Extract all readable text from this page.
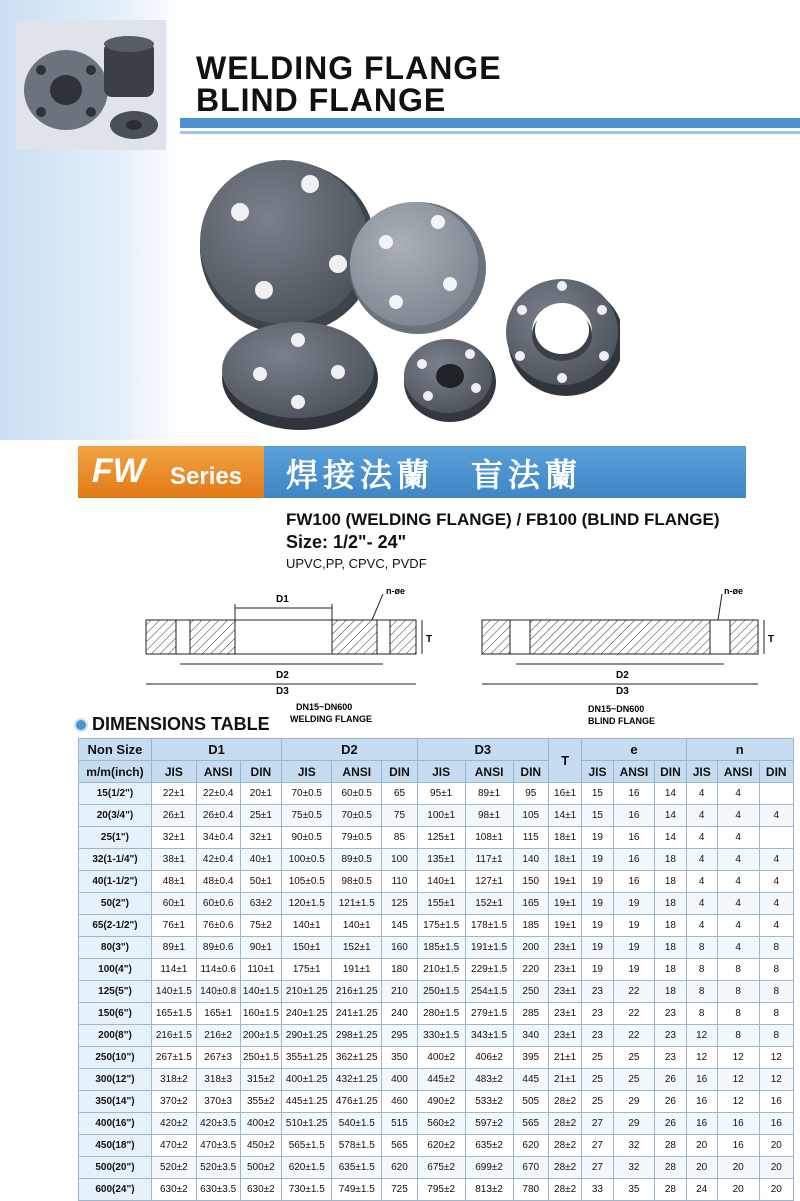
WELDING FLANGE
BLIND FLANGE
FW Series 焊接法蘭　盲法蘭
FW100 (WELDING FLANGE) / FB100 (BLIND FLANGE)
Size: 1/2"- 24"
UPVC,PP, CPVC, PVDF
D1
D2
D3
n-øe
T
DN15~DN600
WELDING FLANGE
D2
D3
n-øe
T
DN15~DN600
BLIND FLANGE
DIMENSIONS TABLE
Non Size	D1			D2			D3			T	e			n		
m/m(inch)	JIS	ANSI	DIN	JIS	ANSI	DIN	JIS	ANSI	DIN		JIS	ANSI	DIN	JIS	ANSI	DIN
15(1/2")	22±1	22±0.4	20±1	70±0.5	60±0.5	65	95±1	89±1	95	16±1	15	16	14	4	4	
20(3/4")	26±1	26±0.4	25±1	75±0.5	70±0.5	75	100±1	98±1	105	14±1	15	16	14	4	4	4
25(1")	32±1	34±0.4	32±1	90±0.5	79±0.5	85	125±1	108±1	115	18±1	19	16	14	4	4	
32(1-1/4")	38±1	42±0.4	40±1	100±0.5	89±0.5	100	135±1	117±1	140	18±1	19	16	18	4	4	4
40(1-1/2")	48±1	48±0.4	50±1	105±0.5	98±0.5	110	140±1	127±1	150	19±1	19	16	18	4	4	4
50(2")	60±1	60±0.6	63±2	120±1.5	121±1.5	125	155±1	152±1	165	19±1	19	19	18	4	4	4
65(2-1/2")	76±1	76±0.6	75±2	140±1	140±1	145	175±1.5	178±1.5	185	19±1	19	19	18	4	4	4
80(3")	89±1	89±0.6	90±1	150±1	152±1	160	185±1.5	191±1.5	200	23±1	19	19	18	8	4	8
100(4")	114±1	114±0.6	110±1	175±1	191±1	180	210±1.5	229±1.5	220	23±1	19	19	18	8	8	8
125(5")	140±1.5	140±0.8	140±1.5	210±1.25	216±1.25	210	250±1.5	254±1.5	250	23±1	23	22	18	8	8	8
150(6")	165±1.5	165±1	160±1.5	240±1.25	241±1.25	240	280±1.5	279±1.5	285	23±1	23	22	23	8	8	8
200(8")	216±1.5	216±2	200±1.5	290±1.25	298±1.25	295	330±1.5	343±1.5	340	23±1	23	22	23	12	8	8
250(10")	267±1.5	267±3	250±1.5	355±1.25	362±1.25	350	400±2	406±2	395	21±1	25	25	23	12	12	12
300(12")	318±2	318±3	315±2	400±1.25	432±1.25	400	445±2	483±2	445	21±1	25	25	26	16	12	12
350(14")	370±2	370±3	355±2	445±1.25	476±1.25	460	490±2	533±2	505	28±2	25	29	26	16	12	16
400(16")	420±2	420±3.5	400±2	510±1.25	540±1.5	515	560±2	597±2	565	28±2	27	29	26	16	16	16
450(18")	470±2	470±3.5	450±2	565±1.5	578±1.5	565	620±2	635±2	620	28±2	27	32	28	20	16	20
500(20")	520±2	520±3.5	500±2	620±1.5	635±1.5	620	675±2	699±2	670	28±2	27	32	28	20	20	20
600(24")	630±2	630±3.5	630±2	730±1.5	749±1.5	725	795±2	813±2	780	28±2	33	35	28	24	20	20
